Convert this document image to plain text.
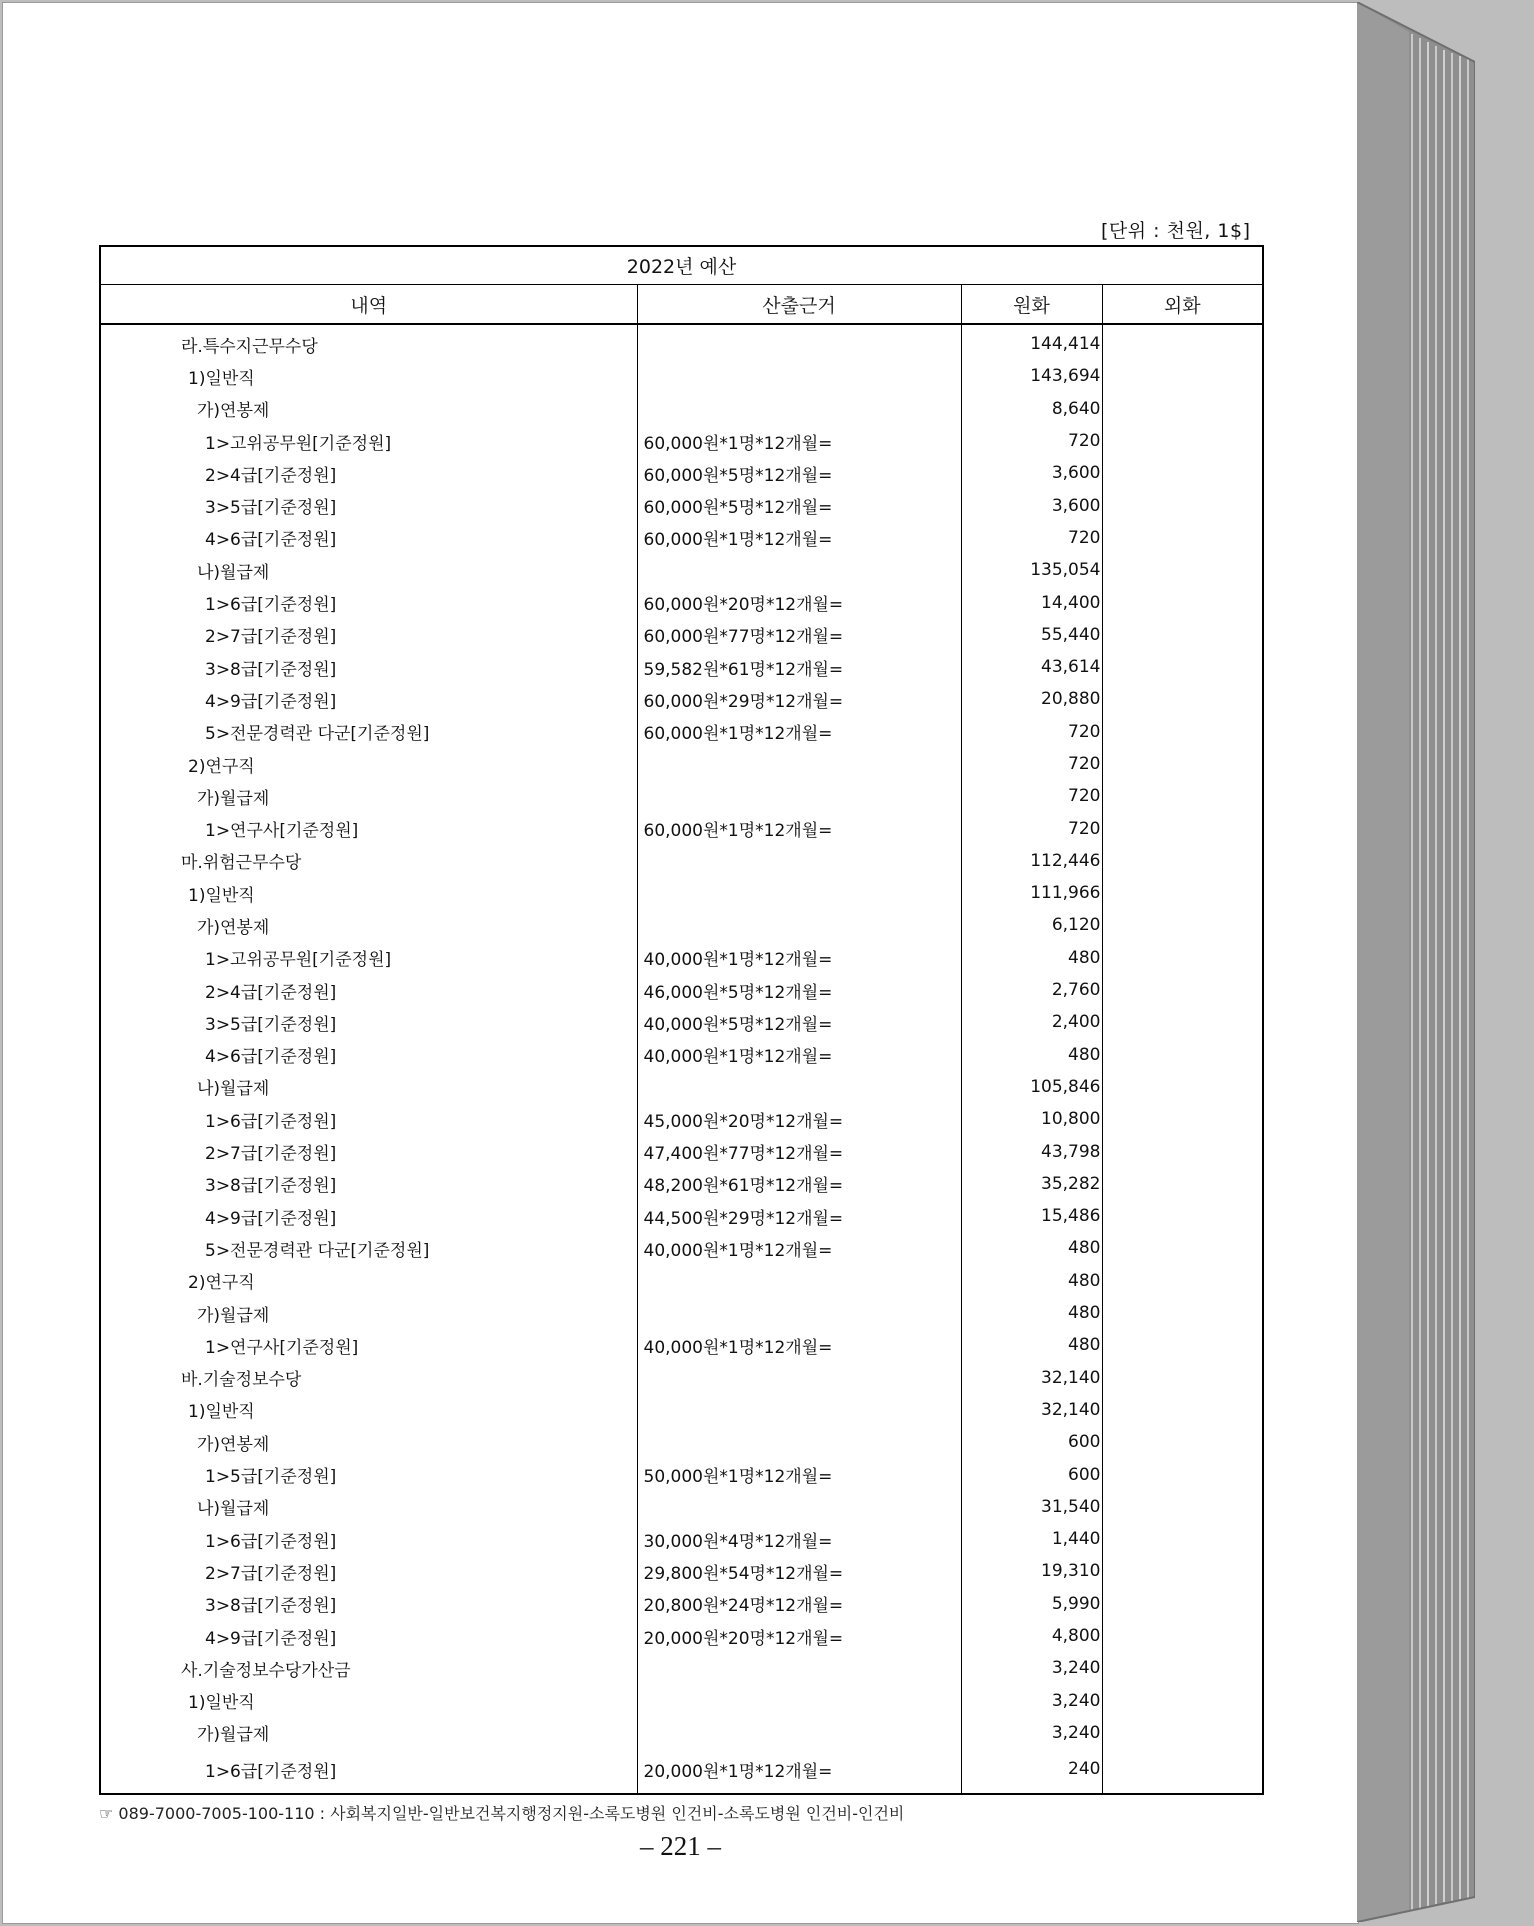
[단위 : 천원, 1$]
2022년 예산			
내역	산출근거	원화	외화
라.특수지근무수당		144,414	
1)일반직		143,694	
가)연봉제		8,640	
1>고위공무원[기준정원]	60,000원*1명*12개월=	720	
2>4급[기준정원]	60,000원*5명*12개월=	3,600	
3>5급[기준정원]	60,000원*5명*12개월=	3,600	
4>6급[기준정원]	60,000원*1명*12개월=	720	
나)월급제		135,054	
1>6급[기준정원]	60,000원*20명*12개월=	14,400	
2>7급[기준정원]	60,000원*77명*12개월=	55,440	
3>8급[기준정원]	59,582원*61명*12개월=	43,614	
4>9급[기준정원]	60,000원*29명*12개월=	20,880	
5>전문경력관 다군[기준정원]	60,000원*1명*12개월=	720	
2)연구직		720	
가)월급제		720	
1>연구사[기준정원]	60,000원*1명*12개월=	720	
마.위험근무수당		112,446	
1)일반직		111,966	
가)연봉제		6,120	
1>고위공무원[기준정원]	40,000원*1명*12개월=	480	
2>4급[기준정원]	46,000원*5명*12개월=	2,760	
3>5급[기준정원]	40,000원*5명*12개월=	2,400	
4>6급[기준정원]	40,000원*1명*12개월=	480	
나)월급제		105,846	
1>6급[기준정원]	45,000원*20명*12개월=	10,800	
2>7급[기준정원]	47,400원*77명*12개월=	43,798	
3>8급[기준정원]	48,200원*61명*12개월=	35,282	
4>9급[기준정원]	44,500원*29명*12개월=	15,486	
5>전문경력관 다군[기준정원]	40,000원*1명*12개월=	480	
2)연구직		480	
가)월급제		480	
1>연구사[기준정원]	40,000원*1명*12개월=	480	
바.기술정보수당		32,140	
1)일반직		32,140	
가)연봉제		600	
1>5급[기준정원]	50,000원*1명*12개월=	600	
나)월급제		31,540	
1>6급[기준정원]	30,000원*4명*12개월=	1,440	
2>7급[기준정원]	29,800원*54명*12개월=	19,310	
3>8급[기준정원]	20,800원*24명*12개월=	5,990	
4>9급[기준정원]	20,000원*20명*12개월=	4,800	
사.기술정보수당가산금		3,240	
1)일반직		3,240	
가)월급제		3,240	
1>6급[기준정원]	20,000원*1명*12개월=	240	
☞ 089-7000-7005-100-110 : 사회복지일반-일반보건복지행정지원-소록도병원 인건비-소록도병원 인건비-인건비
– 221 –
